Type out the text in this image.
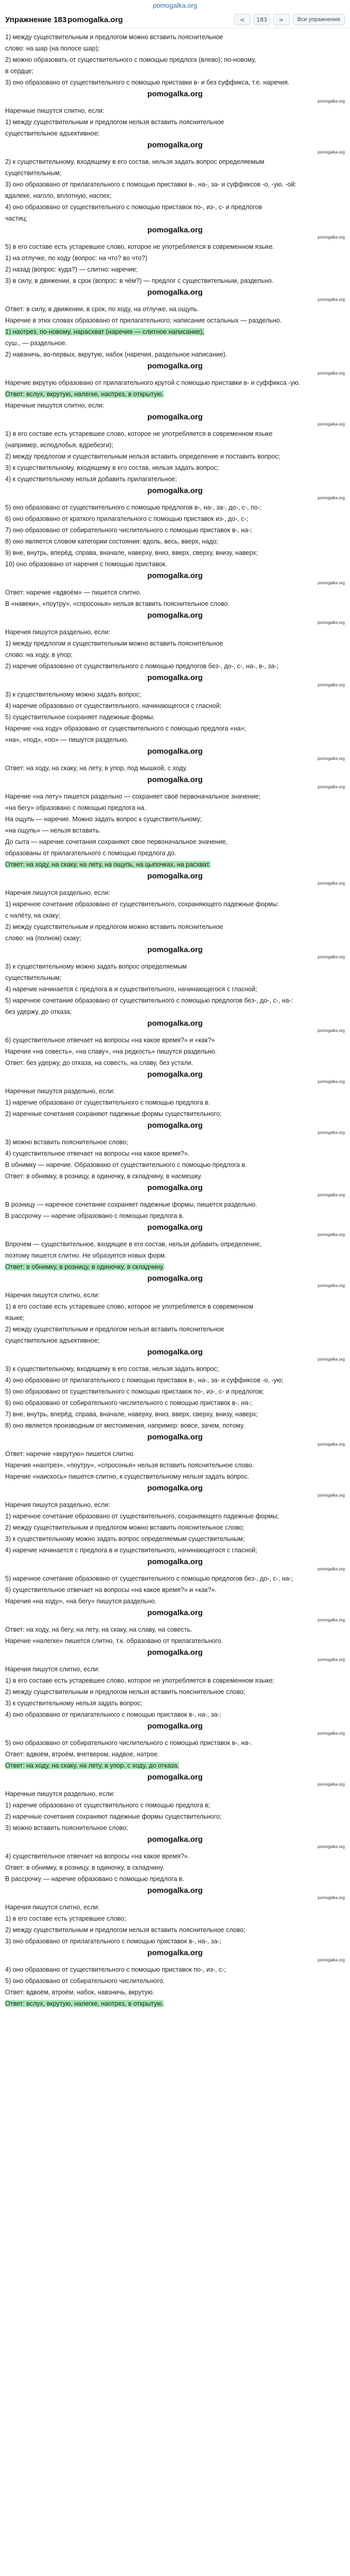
pomogalka.org
Упражнение 183 pomogalka.org	<	183	>	Все упражнения
1) между существительным и предлогом можно вставить пояснительное
слово: на шар (на полосе шар);
2) можно образовать от существительного с помощью предлога (влево); по-новому,
в сердце;
3) оно образовано от существительного с помощью приставки в- и без суффикса, т.е. наречия.
pomogalka.org
pomogalka.org
Наречные пишутся слитно, если:
1) между существительным и предлогом нельзя вставить пояснительное
существительное адъективное;
pomogalka.org
pomogalka.org
2) к существительному, входящему в его состав, нельзя задать вопрос определяемым
существительным;
3) оно образовано от прилагательного с помощью приставки в-, на-, за- и суффиксов -о, -ую, -ой:
вдалеке, наголо, вплотную, наспех;
4) оно образовано от существительного с помощью приставок по-, из-, с- и предлогов
частиц;
pomogalka.org
pomogalka.org
5) в его составе есть устаревшее слово, которое не употребляется в современном языке.
1) на отлучке, по ходу (вопрос: на что? во что?)
2) назад (вопрос: куда?) — слитно: наречие;
3) в силу, в движении, в срок (вопрос: в чём?) — предлог с существительным, раздельно.
pomogalka.org
pomogalka.org
Ответ: в силу, в движении, в срок, по ходу, на отлучке, на ощупь.
Наречие в этих словах образовано от прилагательного; написание остальных — раздельно.
1) наотрез, по-новому, нарасхват (наречия — слитное написание),
суш., — раздельное.
2) навзничь, во-первых, вкрутую, набок (наречия, раздельное написание).
pomogalka.org
pomogalka.org
Наречие вкрутую образовано от прилагательного крутой с помощью приставки в- и суффикса -ую.
Ответ: вслух, вкрутую, налегке, наотрез, в открытую.
Наречные пишутся слитно, если:
pomogalka.org
pomogalka.org
1) в его составе есть устаревшее слово, которое не употребляется в современном языке
(например, исподлобья, вдребезги);
2) между предлогом и существительным нельзя вставить определение и поставить вопрос;
3) к существительному, входящему в его состав, нельзя задать вопрос;
4) к существительному нельзя добавить прилагательное;
pomogalka.org
pomogalka.org
5) оно образовано от существительного с помощью предлогов в-, на-, за-, до-, с-, по-;
6) оно образовано от краткого прилагательного с помощью приставок из-, до-, с-;
7) оно образовано от собирательного числительного с помощью приставок в-, на-;
8) оно является словом категории состояния: вдоль, весь, вверх, надо;
9) вне, внутрь, вперёд, справа, вначале, наверху, вниз, вверх, сверху, внизу, наверх;
10) оно образовано от наречия с помощью приставок.
pomogalka.org
pomogalka.org
Ответ: наречие «вдвоём» — пишется слитно.
В «навеки», «поутру», «спросонья» нельзя вставить пояснительное слово.
pomogalka.org
pomogalka.org
Наречия пишутся раздельно, если:
1) между предлогом и существительным можно вставить пояснительное
слово: на ходу, в упор;
2) наречие образовано от существительного с помощью предлогов без-, до-, с-, на-, в-, за-;
pomogalka.org
pomogalka.org
3) к существительному можно задать вопрос;
4) наречие образовано от существительного, начинающегося с гласной;
5) существительное сохраняет падежные формы.
Наречие «на ходу» образовано от существительного с помощью предлога «на»;
«на», «под», «по» — пишутся раздельно.
pomogalka.org
pomogalka.org
Ответ: на ходу, на скаку, на лету, в упор, под мышкой, с ходу.
pomogalka.org
pomogalka.org
Наречие «на лету» пишется раздельно — сохраняет своё первоначальное значение;
«на бегу» образовано с помощью предлога на.
На ощупь — наречие. Можно задать вопрос к существительному;
«на ощупь» — нельзя вставить.
До сыта — наречие сочетания сохраняют свое первоначальное значение,
образованы от прилагательного с помощью предлога до.
Ответ: на ходу, на скаку, на лету, на ощупь, на цыпочках, на расхват.
pomogalka.org
pomogalka.org
Наречия пишутся раздельно, если:
1) наречное сочетание образовано от существительного, сохраняющего падежные формы:
с налёту, на скаку;
2) между существительным и предлогом можно вставить пояснительное
слово: на (полном) скаку;
pomogalka.org
pomogalka.org
3) к существительному можно задать вопрос определяемым
существительным;
4) наречие начинается с предлога в и существительного, начинающегося с гласной;
5) наречное сочетание образовано от существительного с помощью предлогов без-, до-, с-, на-:
без удержу, до отказа;
pomogalka.org
pomogalka.org
6) существительное отвечает на вопросы «на какое время?» и «как?»
Наречия «на совесть», «на славу», «на редкость» пишутся раздельно.
Ответ: без удержу, до отказа, на совесть, на славу, без устали.
pomogalka.org
pomogalka.org
Наречные пишутся раздельно, если:
1) наречие образовано от существительного с помощью предлога в.
2) наречные сочетания сохраняют падежные формы существительного;
pomogalka.org
pomogalka.org
3) можно вставить пояснительное слово;
4) существительное отвечает на вопросы «на какое время?».
В обнимку — наречие. Образовано от существительного с помощью предлога в.
Ответ: в обнимку, в розницу, в одиночку, в складчину, в насмешку.
pomogalka.org
pomogalka.org
В розницу — наречное сочетание сохраняет падежные формы, пишется раздельно.
В рассрочку — наречие образовано с помощью предлога в.
pomogalka.org
pomogalka.org
Впрочем — существительное, входящее в его состав, нельзя добавить определение,
поэтому пишется слитно. Не образуется новых форм.
Ответ: в обнимку, в розницу, в одиночку, в складчину.
pomogalka.org
pomogalka.org
Наречия пишутся слитно, если:
1) в его составе есть устаревшее слово, которое не употребляется в современном
языке;
2) между существительным и предлогом нельзя вставить пояснительное
существительное адъективное;
pomogalka.org
pomogalka.org
3) к существительному, входящему в его состав, нельзя задать вопрос;
4) оно образовано от прилагательного с помощью приставок в-, на-, за- и суффиксов -о, -ую;
5) оно образовано от существительного с помощью приставок по-, из-, с- и предлогов;
6) оно образовано от собирательного числительного с помощью приставок в-, на-;
7) вне, внутрь, вперёд, справа, вначале, наверху, вниз, вверх, сверху, внизу, наверх;
8) оно является производным от местоимения, например: вовсе, зачем, потому.
pomogalka.org
pomogalka.org
Ответ: наречие «вкрутую» пишется слитно.
Наречия «наотрез», «поутру», «спросонья» нельзя вставить пояснительное слово.
Наречие «наискось» пишется слитно, к существительному нельзя задать вопрос.
pomogalka.org
pomogalka.org
Наречия пишутся раздельно, если:
1) наречное сочетание образовано от существительного, сохраняющего падежные формы;
2) между существительным и предлогом можно вставить пояснительное слово;
3) к существительному можно задать вопрос определяемым существительным;
4) наречие начинается с предлога в и существительного, начинающегося с гласной;
pomogalka.org
pomogalka.org
5) наречное сочетание образовано от существительного с помощью предлогов без-, до-, с-, на-;
6) существительное отвечает на вопросы «на какое время?» и «как?».
Наречия «на ходу», «на бегу» пишутся раздельно.
pomogalka.org
pomogalka.org
Ответ: на ходу, на бегу, на лету, на скаку, на славу, на совесть.
Наречие «налегке» пишется слитно, т.к. образовано от прилагательного.
pomogalka.org
pomogalka.org
Наречия пишутся слитно, если:
1) в его составе есть устаревшее слово, которое не употребляется в современном языке;
2) между существительным и предлогом нельзя вставить пояснительное слово;
3) к существительному нельзя задать вопрос;
4) оно образовано от прилагательного с помощью приставок в-, на-, за-;
pomogalka.org
pomogalka.org
5) оно образовано от собирательного числительного с помощью приставок в-, на-.
Ответ: вдвоём, втроём, вчетвером, надвое, натрое.
Ответ: на ходу, на скаку, на лету, в упор, с ходу, до отказа.
pomogalka.org
pomogalka.org
Наречные пишутся раздельно, если:
1) наречие образовано от существительного с помощью предлога в;
2) наречные сочетания сохраняют падежные формы существительного;
3) можно вставить пояснительное слово;
pomogalka.org
pomogalka.org
4) существительное отвечает на вопросы «на какое время?».
Ответ: в обнимку, в розницу, в одиночку, в складчину.
В рассрочку — наречие образовано с помощью предлога в.
pomogalka.org
pomogalka.org
Наречия пишутся слитно, если:
1) в его составе есть устаревшее слово;
2) между существительным и предлогом нельзя вставить пояснительное слово;
3) оно образовано от прилагательного с помощью приставок в-, на-, за-;
pomogalka.org
pomogalka.org
4) оно образовано от существительного с помощью приставок по-, из-, с-;
5) оно образовано от собирательного числительного.
Ответ: вдвоём, втроём, набок, навзничь, вкрутую.
Ответ: вслух, вкрутую, налегке, наотрез, в открытую.
